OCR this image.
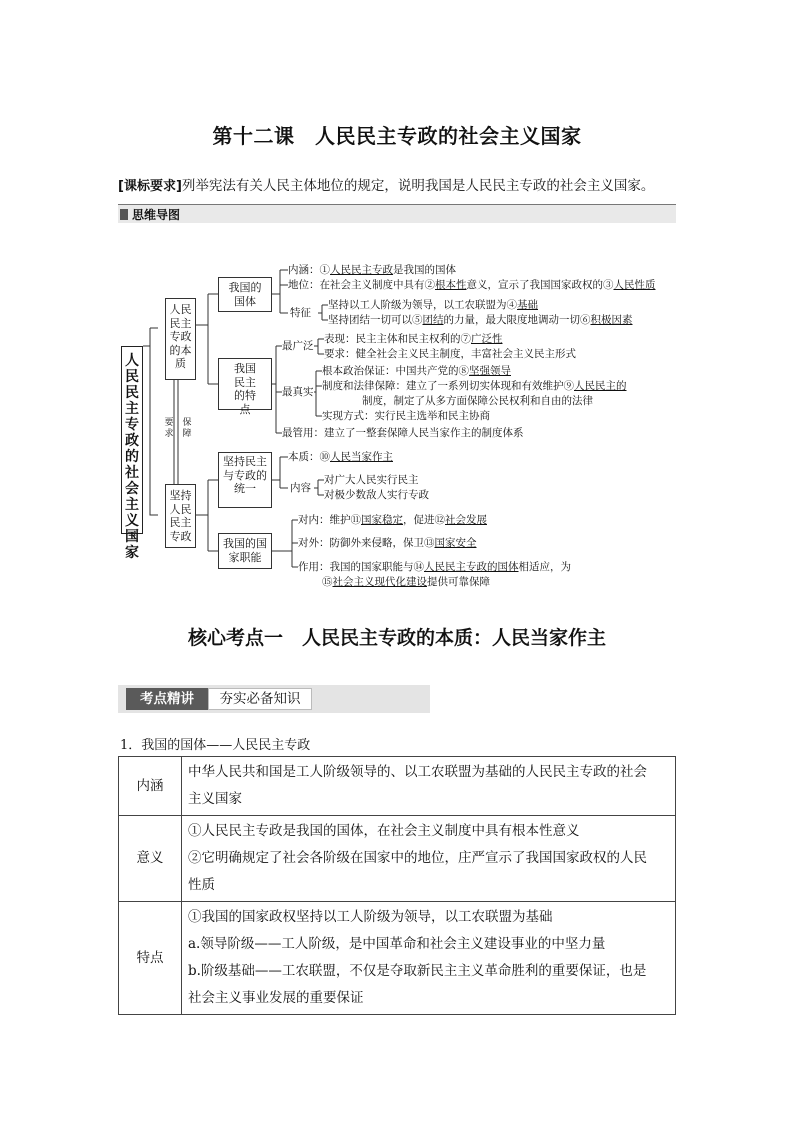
第十二课　人民民主专政的社会主义国家
[课标要求]列举宪法有关人民主体地位的规定，说明我国是人民民主专政的社会主义国家。
思维导图
人民民主专政的社会主义国家
人民民主专政的本质
坚持人民民主专政
要求
保障
我国的国体
我国民主的特点
坚持民主与专政的统一
我国的国家职能
内涵：①人民民主专政是我国的国体
地位：在社会主义制度中具有②根本性意义，宣示了我国国家政权的③人民性质
特征
坚持以工人阶级为领导，以工农联盟为④基础
坚持团结一切可以⑤团结的力量，最大限度地调动一切⑥积极因素
最广泛
表现：民主主体和民主权利的⑦广泛性
要求：健全社会主义民主制度，丰富社会主义民主形式
最真实
根本政治保证：中国共产党的⑧坚强领导
制度和法律保障：建立了一系列切实体现和有效维护⑨人民民主的
制度，制定了从多方面保障公民权利和自由的法律
实现方式：实行民主选举和民主协商
最管用：建立了一整套保障人民当家作主的制度体系
本质：⑩人民当家作主
内容
对广大人民实行民主
对极少数敌人实行专政
对内：维护⑪国家稳定，促进⑫社会发展
对外：防御外来侵略，保卫⑬国家安全
作用：我国的国家职能与⑭人民民主专政的国体相适应，为
⑮社会主义现代化建设提供可靠保障
核心考点一　人民民主专政的本质：人民当家作主
考点精讲	夯实必备知识
1．我国的国体——人民民主专政
内涵	中华人民共和国是工人阶级领导的、以工农联盟为基础的人民民主专政的社会
主义国家

意义	①人民民主专政是我国的国体，在社会主义制度中具有根本性意义
②它明确规定了社会各阶级在国家中的地位，庄严宣示了我国国家政权的人民
性质

特点	①我国的国家政权坚持以工人阶级为领导，以工农联盟为基础
a.领导阶级——工人阶级，是中国革命和社会主义建设事业的中坚力量
b.阶级基础——工农联盟，不仅是夺取新民主主义革命胜利的重要保证，也是
社会主义事业发展的重要保证
